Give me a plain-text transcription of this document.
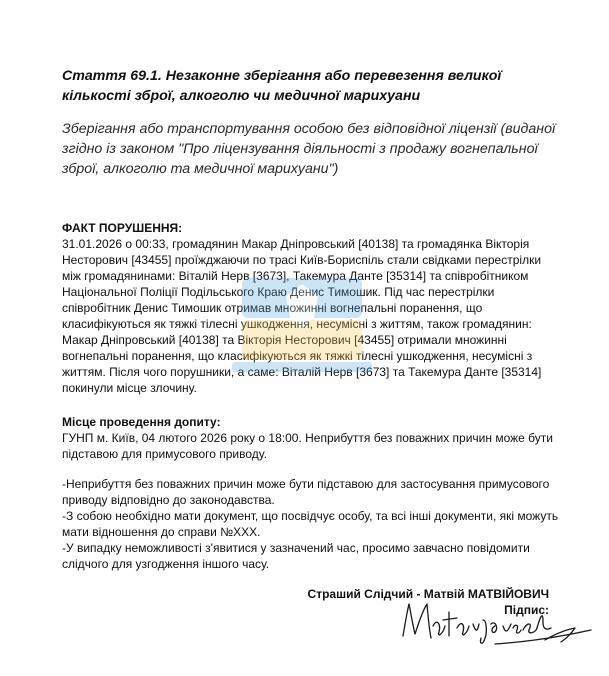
Стаття 69.1. Незаконне зберігання або перевезення великої кількості зброї, алкоголю чи медичної марихуани

Зберігання або транспортування особою без відповідної ліцензії (виданої згідно із законом "Про ліцензування діяльності з продажу вогнепальної зброї, алкоголю та медичної марихуани")

ФАКТ ПОРУШЕННЯ:
31.01.2026 о 00:33, громадянин Макар Дніпровський [40138] та громадянка Вікторія Несторович [43455] проїжджаючи по трасі Київ-Бориспіль стали свідками перестрілки між громадянинами: Віталій Нерв [3673], Такемура Данте [35314] та співробітником Національної Поліції Подільського Краю Денис Тимошик. Під час перестрілки співробітник Денис Тимошик отримав множинні вогнепальні поранення, що класифікуються як тяжкі тілесні ушкодження, несумісні з життям, також громадянин: Макар Дніпровський [40138] та Вікторія Несторович [43455] отримали множинні вогнепальні поранення, що класифікуються як тяжкі тілесні ушкодження, несумісні з життям. Після чого порушники, а саме: Віталій Нерв [3673] та Такемура Данте [35314] покинули місце злочину.
Місце проведення допиту:
ГУНП м. Київ, 04 лютого 2026 року о 18:00. Неприбуття без поважних причин може бути підставою для примусового приводу.
-Неприбуття без поважних причин може бути підставою для застосування примусового приводу відповідно до законодавства.
-З собою необхідно мати документ, що посвідчує особу, та всі інші документи, які можуть мати відношення до справи №XXX.
-У випадку неможливості з'явитися у зазначений час, просимо завчасно повідомити слідчого для узгодження іншого часу.
Страший Слідчий - Матвій МАТВІЙОВИЧ
Підпис:
